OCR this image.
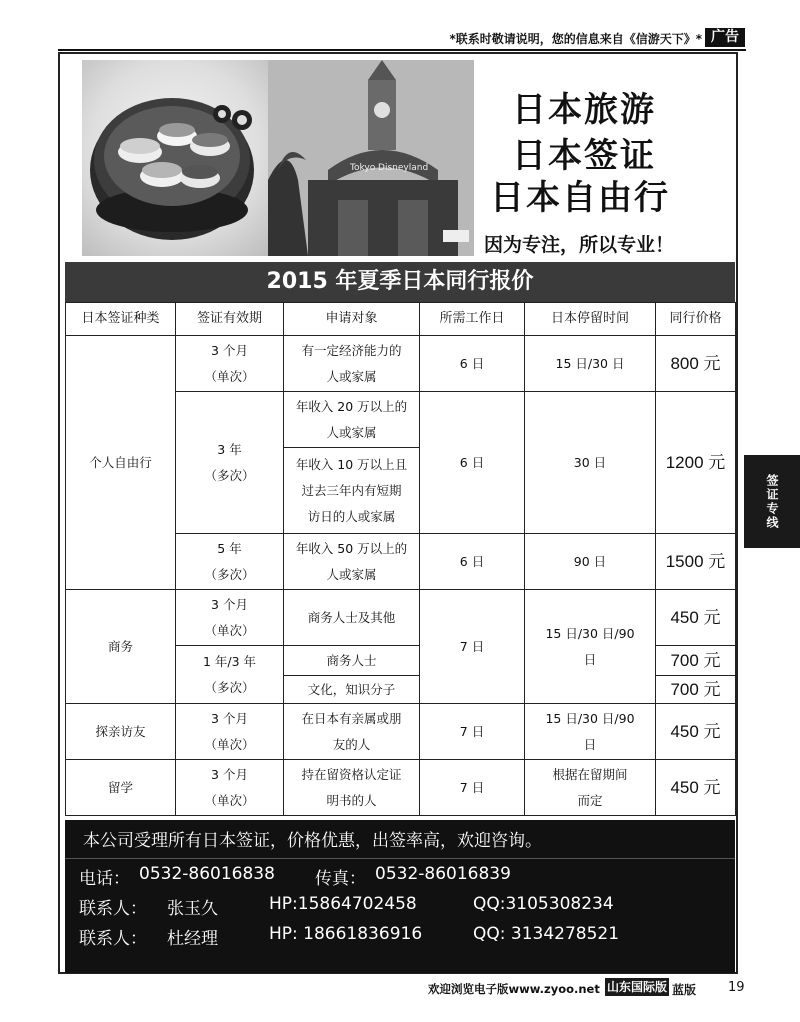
*联系时敬请说明，您的信息来自《信游天下》* 广告
Tokyo Disneyland
日本旅游
日本签证
日本自由行
因为专注，所以专业！
2015 年夏季日本同行报价
日本签证种类	签证有效期	申请对象	所需工作日	日本停留时间	同行价格
个人自由行	3 个月
（单次）	有一定经济能力的
人或家属	6 日	15 日/30 日	800 元

	3 年
（多次）	年收入 20 万以上的
人或家属	6 日	30 日	1200 元

		年收入 10 万以上且
过去三年内有短期
访日的人或家属			

	5 年
（多次）	年收入 50 万以上的
人或家属	6 日	90 日	1500 元

商务	3 个月
（单次）	商务人士及其他	7 日	15 日/30 日/90
日	450 元

	1 年/3 年
（多次）	商务人士			700 元
		文化，知识分子			700 元
探亲访友	3 个月
（单次）	在日本有亲属或朋
友的人	7 日	15 日/30 日/90
日	450 元
留学	3 个月
（单次）	持在留资格认定证
明书的人	7 日	根据在留期间
而定	450 元
本公司受理所有日本签证，价格优惠，出签率高，欢迎咨询。
电话： 0532-86016838 传真： 0532-86016839
联系人： 张玉久	HP:15864702458	QQ:3105308234
联系人： 杜经理	HP: 18661836916	QQ: 3134278521
签证专线
欢迎浏览电子版www.zyoo.net 山东国际版 蓝版 19
